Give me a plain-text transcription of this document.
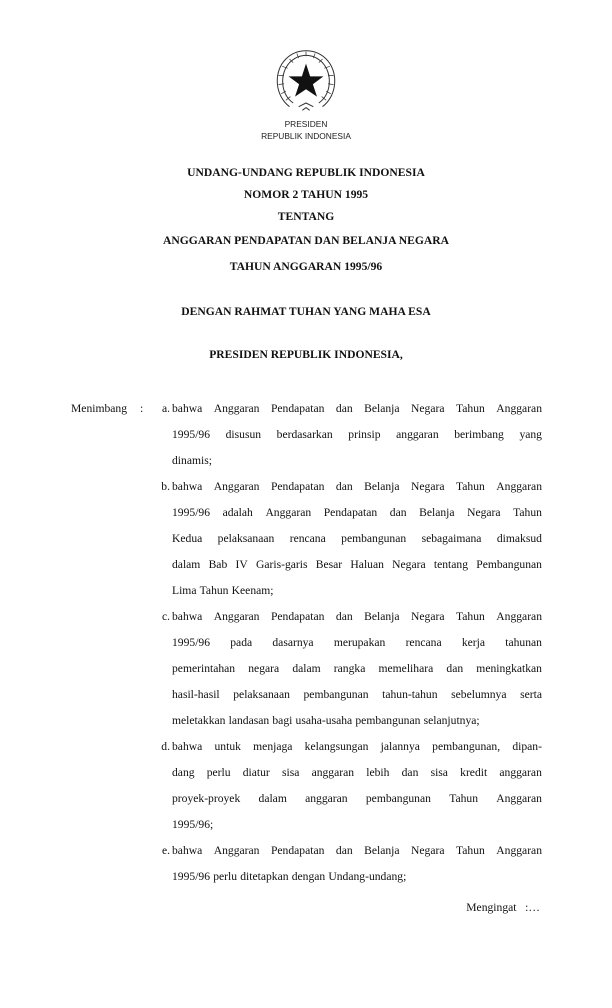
PRESIDEN
REPUBLIK INDONESIA
UNDANG-UNDANG REPUBLIK INDONESIA
NOMOR 2 TAHUN 1995
TENTANG
ANGGARAN PENDAPATAN DAN BELANJA NEGARA
TAHUN ANGGARAN 1995/96
DENGAN RAHMAT TUHAN YANG MAHA ESA
PRESIDEN REPUBLIK INDONESIA,
Menimbang :	a. bahwa Anggaran Pendapatan dan Belanja Negara Tahun Anggaran
1995/96 disusun berdasarkan prinsip anggaran berimbang yang
dinamis;
b. bahwa Anggaran Pendapatan dan Belanja Negara Tahun Anggaran
1995/96 adalah Anggaran Pendapatan dan Belanja Negara Tahun
Kedua pelaksanaan rencana pembangunan sebagaimana dimaksud
dalam Bab IV Garis-garis Besar Haluan Negara tentang Pembangunan
Lima Tahun Keenam;
c. bahwa Anggaran Pendapatan dan Belanja Negara Tahun Anggaran
1995/96 pada dasarnya merupakan rencana kerja tahunan
pemerintahan negara dalam rangka memelihara dan meningkatkan
hasil-hasil pelaksanaan pembangunan tahun-tahun sebelumnya serta
meletakkan landasan bagi usaha-usaha pembangunan selanjutnya;
d. bahwa untuk menjaga kelangsungan jalannya pembangunan, dipan-
dang perlu diatur sisa anggaran lebih dan sisa kredit anggaran
proyek-proyek dalam anggaran pembangunan Tahun Anggaran
1995/96;
e. bahwa Anggaran Pendapatan dan Belanja Negara Tahun Anggaran
1995/96 perlu ditetapkan dengan Undang-undang;
Mengingat   :…
